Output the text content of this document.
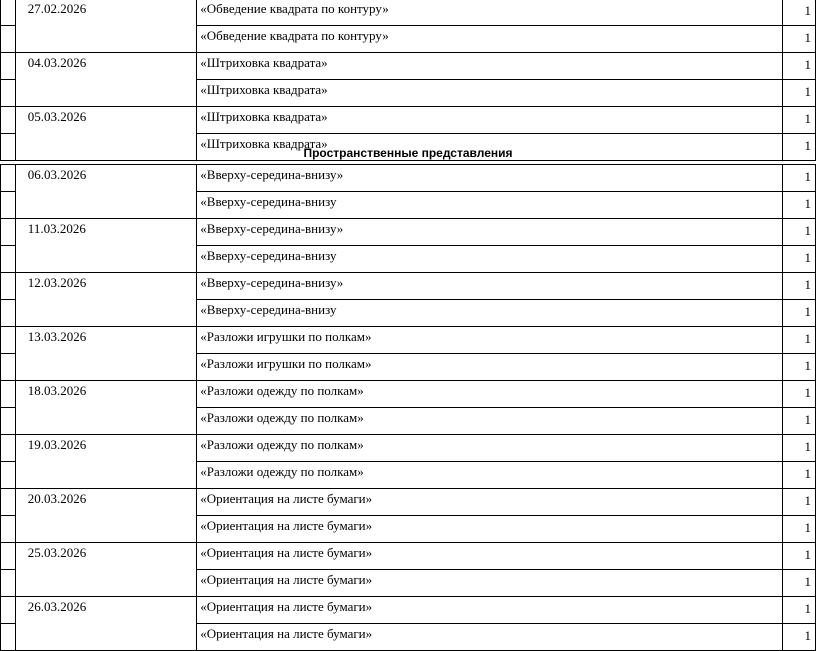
	27.02.2026	«Обведение квадрата по контуру»	1
		«Обведение квадрата по контуру»	1
	04.03.2026	«Штриховка квадрата»	1
		«Штриховка квадрата»	1
	05.03.2026	«Штриховка квадрата»	1
		«Штриховка квадрата»	1
Пространственные представления
	06.03.2026	«Вверху-середина-внизу»	1
		«Вверху-середина-внизу	1
	11.03.2026	«Вверху-середина-внизу»	1
		«Вверху-середина-внизу	1
	12.03.2026	«Вверху-середина-внизу»	1
		«Вверху-середина-внизу	1
	13.03.2026	«Разложи игрушки по полкам»	1
		«Разложи игрушки по полкам»	1
	18.03.2026	«Разложи одежду по полкам»	1
		«Разложи одежду по полкам»	1
	19.03.2026	«Разложи одежду по полкам»	1
		«Разложи одежду по полкам»	1
	20.03.2026	«Ориентация на листе бумаги»	1
		«Ориентация на листе бумаги»	1
	25.03.2026	«Ориентация на листе бумаги»	1
		«Ориентация на листе бумаги»	1
	26.03.2026	«Ориентация на листе бумаги»	1
		«Ориентация на листе бумаги»	1
